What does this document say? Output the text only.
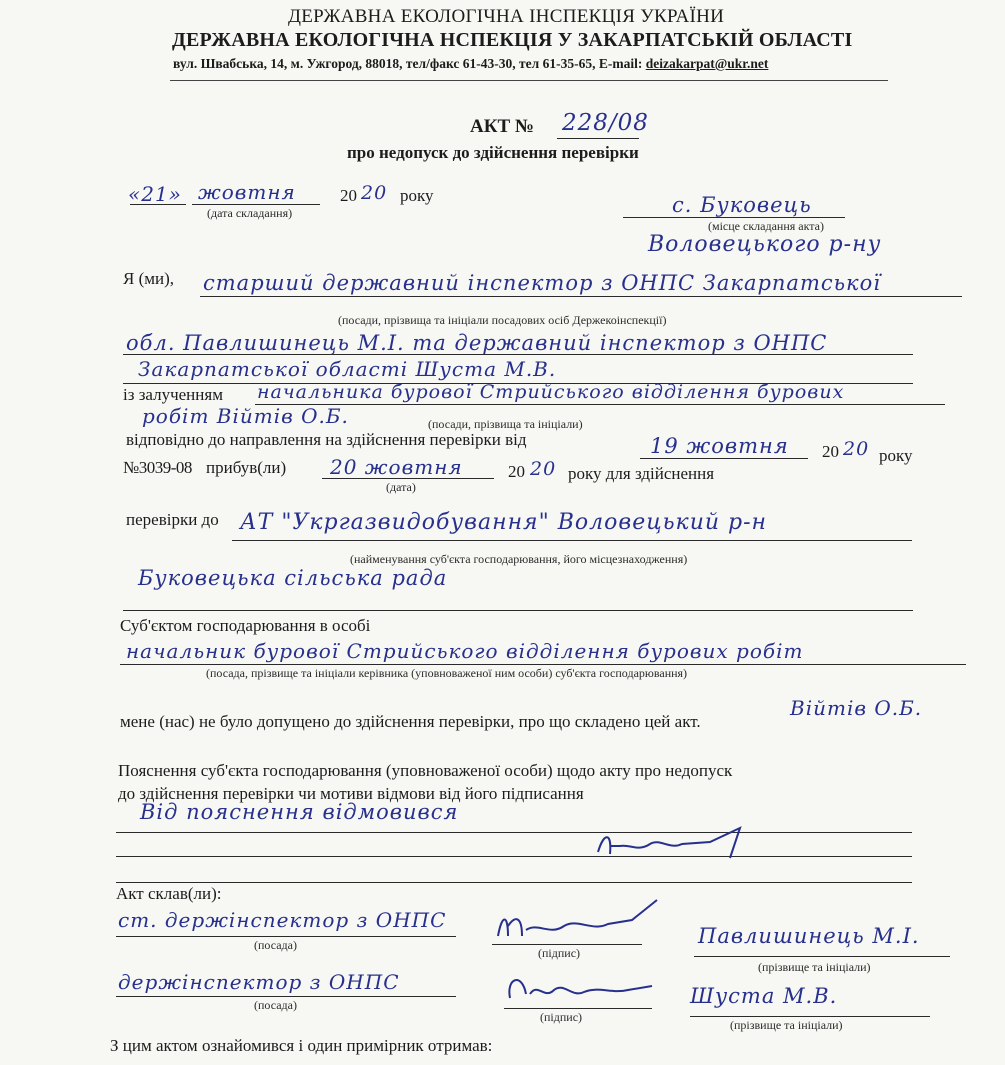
ДЕРЖАВНА ЕКОЛОГІЧНА ІНСПЕКЦІЯ УКРАЇНИ
ДЕРЖАВНА ЕКОЛОГІЧНА НСПЕКЦІЯ У ЗАКАРПАТСЬКІЙ ОБЛАСТІ
вул. Швабська, 14, м. Ужгород, 88018, тел/факс 61-43-30, тел 61-35-65, E-mail: deizakarpat@ukr.net
АКТ № 228/08
про недопуск до здійснення перевірки
«21» жовтня	20 20 року
(дата складання)	с. Буковець
(місце складання акта)
Воловецького р-ну
Я (ми), старший державний інспектор з ОНПС Закарпатської
(посади, прізвища та ініціали посадових осіб Держекоінспекції)
обл. Павлишинець М.І. та державний інспектор з ОНПС
Закарпатської області Шуста М.В.
із залученням начальника бурової Стрийського відділення бурових
робіт Війтів О.Б.	(посади, прізвища та ініціали)
відповідно до направлення на здійснення перевірки від	19 жовтня 20 20 року
№3039-08 прибув(ли) 20 жовтня	20 20 року для здійснення
(дата)
перевірки до АТ "Укргазвидобування" Воловецький р-н
(найменування суб'єкта господарювання, його місцезнаходження)
Буковецька сільська рада
Суб'єктом господарювання в особі
начальник бурової Стрийського відділення бурових робіт
(посада, прізвище та ініціали керівника (уповноваженої ним особи) суб'єкта господарювання)
мене (нас) не було допущено до здійснення перевірки, про що складено цей акт.
Війтів О.Б.
Пояснення суб'єкта господарювання (уповноваженої особи) щодо акту про недопуск
до здійснення перевірки чи мотиви відмови від його підписання
Від пояснення відмовився
Акт склав(ли):
ст. держінспектор з ОНПС
(посада)
(підпис)
Павлишинець М.І.
(прізвище та ініціали)
держінспектор з ОНПС
(посада)
(підпис)
Шуста М.В.
(прізвище та ініціали)
З цим актом ознайомився і один примірник отримав:
